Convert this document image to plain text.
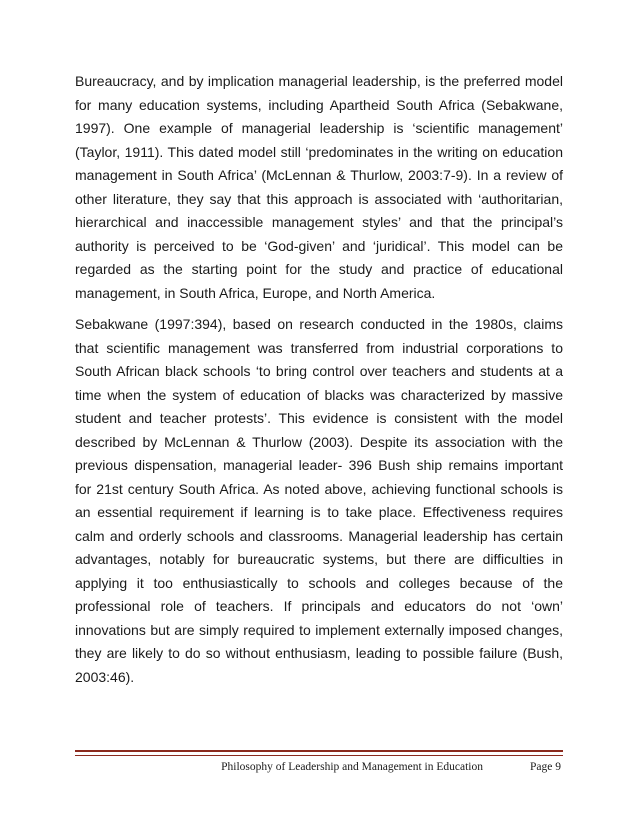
Bureaucracy, and by implication managerial leadership, is the preferred model for many education systems, including Apartheid South Africa (Sebakwane, 1997). One example of managerial leadership is ‘scientific management’ (Taylor, 1911). This dated model still ‘predominates in the writing on education management in South Africa’ (McLennan & Thurlow, 2003:7-9). In a review of other literature, they say that this approach is associated with ‘authoritarian, hierarchical and inaccessible management styles’ and that the principal’s authority is perceived to be ‘God-given’ and ‘juridical’. This model can be regarded as the starting point for the study and practice of educational management, in South Africa, Europe, and North America.

Sebakwane (1997:394), based on research conducted in the 1980s, claims that scientific management was transferred from industrial corporations to South African black schools ‘to bring control over teachers and students at a time when the system of education of blacks was characterized by massive student and teacher protests’. This evidence is consistent with the model described by McLennan & Thurlow (2003). Despite its association with the previous dispensation, managerial leader- 396 Bush ship remains important for 21st century South Africa. As noted above, achieving functional schools is an essential requirement if learning is to take place. Effectiveness requires calm and orderly schools and classrooms. Managerial leadership has certain advantages, notably for bureaucratic systems, but there are difficulties in applying it too enthusiastically to schools and colleges because of the professional role of teachers. If principals and educators do not ‘own’ innovations but are simply required to implement externally imposed changes, they are likely to do so without enthusiasm, leading to possible failure (Bush, 2003:46).

Philosophy of Leadership and Management in Education	Page 9
